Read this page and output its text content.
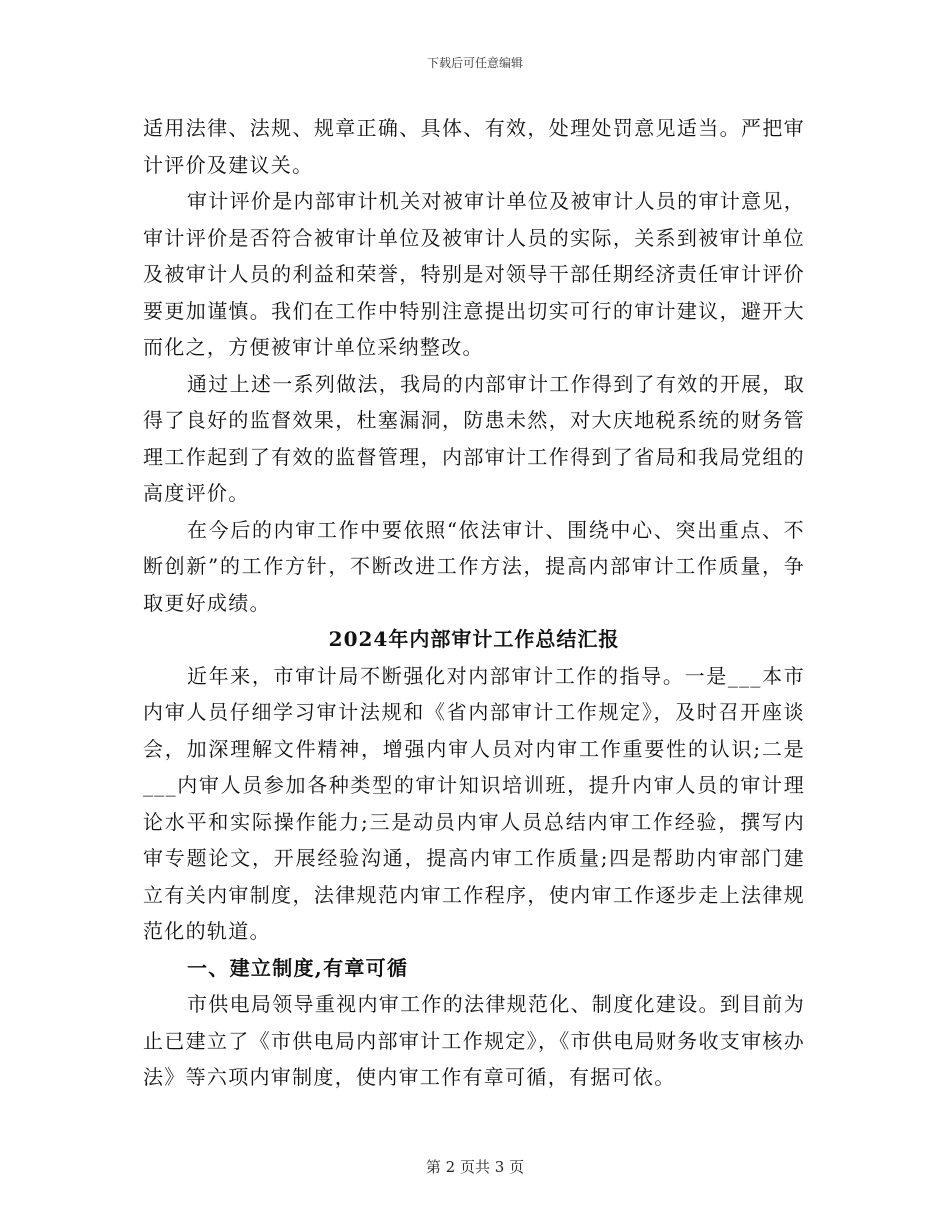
下载后可任意编辑

适用法律、法规、规章正确、具体、有效，处理处罚意见适当。严把审计评价及建议关。

审计评价是内部审计机关对被审计单位及被审计人员的审计意见，审计评价是否符合被审计单位及被审计人员的实际，关系到被审计单位及被审计人员的利益和荣誉，特别是对领导干部任期经济责任审计评价要更加谨慎。我们在工作中特别注意提出切实可行的审计建议，避开大而化之，方便被审计单位采纳整改。

通过上述一系列做法，我局的内部审计工作得到了有效的开展，取得了良好的监督效果，杜塞漏洞，防患未然，对大庆地税系统的财务管理工作起到了有效的监督管理，内部审计工作得到了省局和我局党组的高度评价。

在今后的内审工作中要依照“依法审计、围绕中心、突出重点、不断创新”的工作方针，不断改进工作方法，提高内部审计工作质量，争取更好成绩。

2024年内部审计工作总结汇报

近年来，市审计局不断强化对内部审计工作的指导。一是___本市内审人员仔细学习审计法规和《省内部审计工作规定》，及时召开座谈会，加深理解文件精神，增强内审人员对内审工作重要性的认识;二是___内审人员参加各种类型的审计知识培训班，提升内审人员的审计理论水平和实际操作能力;三是动员内审人员总结内审工作经验，撰写内审专题论文，开展经验沟通，提高内审工作质量;四是帮助内审部门建立有关内审制度，法律规范内审工作程序，使内审工作逐步走上法律规范化的轨道。

一、建立制度,有章可循

市供电局领导重视内审工作的法律规范化、制度化建设。到目前为止已建立了《市供电局内部审计工作规定》，《市供电局财务收支审核办法》等六项内审制度，使内审工作有章可循，有据可依。

第 2 页共 3 页
